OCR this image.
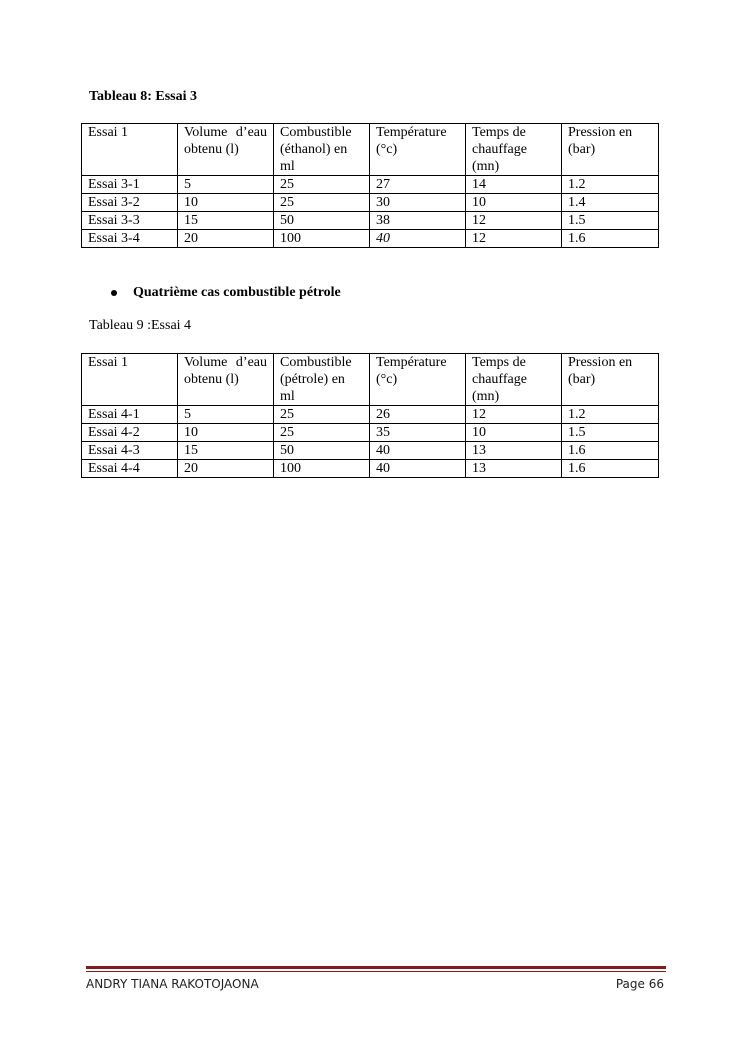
Tableau 8: Essai 3
Essai 1	Volume d’eau obtenu (l)	Combustible (éthanol) en ml	Température (°c)	Temps de chauffage (mn)	Pression en (bar)
Essai 3-1	5	25	27	14	1.2
Essai 3-2	10	25	30	10	1.4
Essai 3-3	15	50	38	12	1.5
Essai 3-4	20	100	40	12	1.6
Quatrième cas combustible pétrole
Tableau 9 :Essai 4
Essai 1	Volume d’eau obtenu (l)	Combustible (pétrole) en ml	Température (°c)	Temps de chauffage (mn)	Pression en (bar)
Essai 4-1	5	25	26	12	1.2
Essai 4-2	10	25	35	10	1.5
Essai 4-3	15	50	40	13	1.6
Essai 4-4	20	100	40	13	1.6
ANDRY TIANA RAKOTOJAONA	Page 66
